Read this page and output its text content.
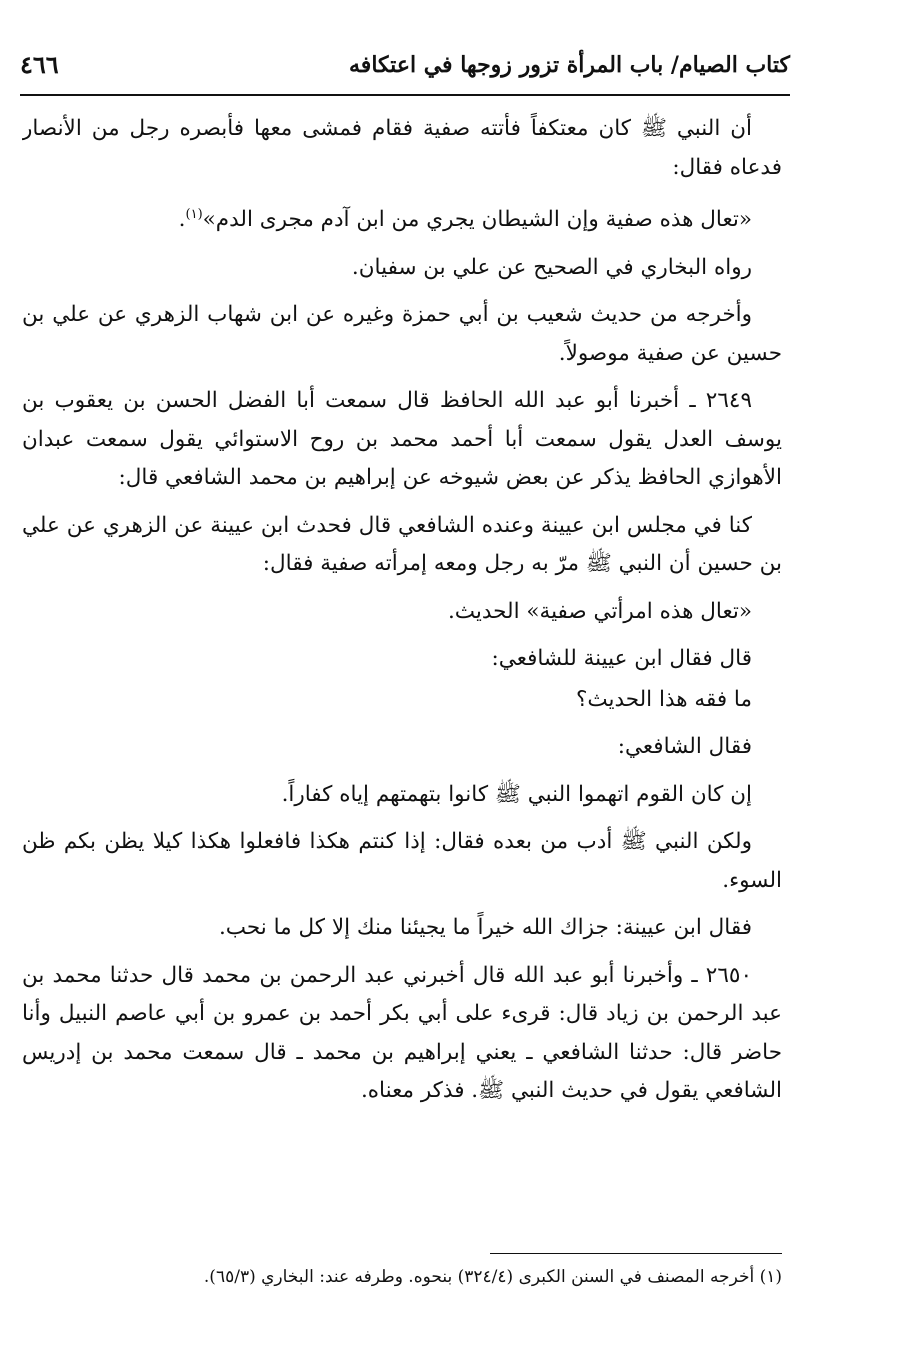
كتاب الصيام/ باب المرأة تزور زوجها في اعتكافه
٤٦٦

أن النبي ﷺ كان معتكفاً فأتته صفية فقام فمشى معها فأبصره رجل من الأنصار فدعاه فقال:

«تعال هذه صفية وإن الشيطان يجري من ابن آدم مجرى الدم»$^{(١)}$.

رواه البخاري في الصحيح عن علي بن سفيان.

وأخرجه من حديث شعيب بن أبي حمزة وغيره عن ابن شهاب الزهري عن علي بن حسين عن صفية موصولاً.

٢٦٤٩ ـ أخبرنا أبو عبد الله الحافظ قال سمعت أبا الفضل الحسن بن يعقوب بن يوسف العدل يقول سمعت أبا أحمد محمد بن روح الاستوائي يقول سمعت عبدان الأهوازي الحافظ يذكر عن بعض شيوخه عن إبراهيم بن محمد الشافعي قال:

كنا في مجلس ابن عيينة وعنده الشافعي قال فحدث ابن عيينة عن الزهري عن علي بن حسين أن النبي ﷺ مرّ به رجل ومعه إمرأته صفية فقال:

«تعال هذه امرأتي صفية» الحديث.

قال فقال ابن عيينة للشافعي:

ما فقه هذا الحديث؟

فقال الشافعي:

إن كان القوم اتهموا النبي ﷺ كانوا بتهمتهم إياه كفاراً.

ولكن النبي ﷺ أدب من بعده فقال: إذا كنتم هكذا فافعلوا هكذا كيلا يظن بكم ظن السوء.

فقال ابن عيينة: جزاك الله خيراً ما يجيئنا منك إلا كل ما نحب.

٢٦٥٠ ـ وأخبرنا أبو عبد الله قال أخبرني عبد الرحمن بن محمد قال حدثنا محمد بن عبد الرحمن بن زياد قال: قرىء على أبي بكر أحمد بن عمرو بن أبي عاصم النبيل وأنا حاضر قال: حدثنا الشافعي ـ يعني إبراهيم بن محمد ـ قال سمعت محمد بن إدريس الشافعي يقول في حديث النبي ﷺ. فذكر معناه.

(١) أخرجه المصنف في السنن الكبرى (٣٢٤/٤) بنحوه. وطرفه عند: البخاري (٦٥/٣).
